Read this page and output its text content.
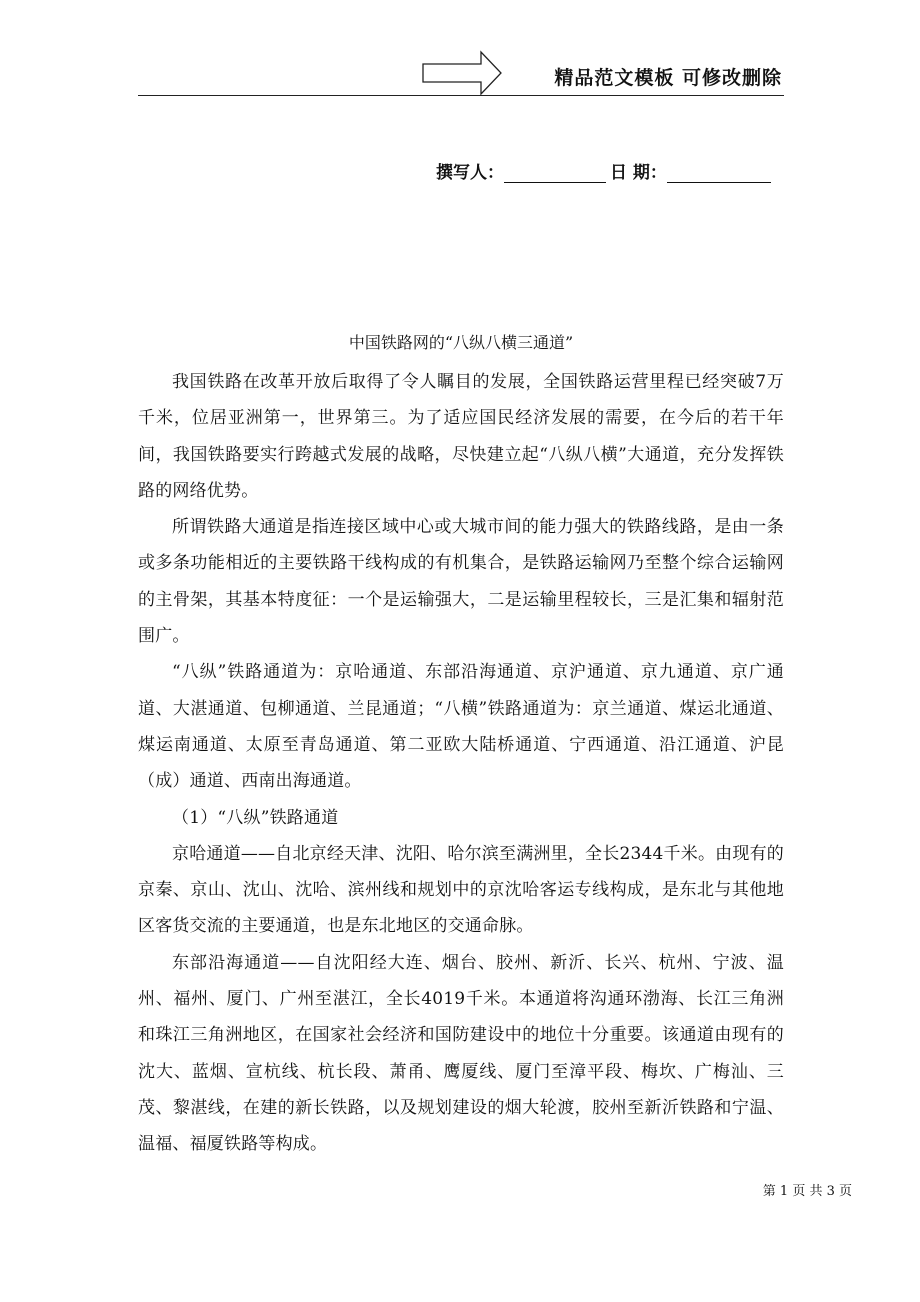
精品范文模板 可修改删除
撰写人：	日 期：
中国铁路网的“八纵八横三通道”

我国铁路在改革开放后取得了令人瞩目的发展，全国铁路运营里程已经突破7万千米，位居亚洲第一，世界第三。为了适应国民经济发展的需要，在今后的若干年间，我国铁路要实行跨越式发展的战略，尽快建立起“八纵八横”大通道，充分发挥铁路的网络优势。

所谓铁路大通道是指连接区域中心或大城市间的能力强大的铁路线路，是由一条或多条功能相近的主要铁路干线构成的有机集合，是铁路运输网乃至整个综合运输网的主骨架，其基本特度征：一个是运输强大，二是运输里程较长，三是汇集和辐射范围广。

“八纵”铁路通道为：京哈通道、东部沿海通道、京沪通道、京九通道、京广通道、大湛通道、包柳通道、兰昆通道；“八横”铁路通道为：京兰通道、煤运北通道、煤运南通道、太原至青岛通道、第二亚欧大陆桥通道、宁西通道、沿江通道、沪昆（成）通道、西南出海通道。

（1）“八纵”铁路通道

京哈通道——自北京经天津、沈阳、哈尔滨至满洲里，全长2344千米。由现有的京秦、京山、沈山、沈哈、滨州线和规划中的京沈哈客运专线构成，是东北与其他地区客货交流的主要通道，也是东北地区的交通命脉。

东部沿海通道——自沈阳经大连、烟台、胶州、新沂、长兴、杭州、宁波、温州、福州、厦门、广州至湛江，全长4019千米。本通道将沟通环渤海、长江三角洲和珠江三角洲地区，在国家社会经济和国防建设中的地位十分重要。该通道由现有的沈大、蓝烟、宣杭线、杭长段、萧甬、鹰厦线、厦门至漳平段、梅坎、广梅汕、三茂、黎湛线，在建的新长铁路，以及规划建设的烟大轮渡，胶州至新沂铁路和宁温、温福、福厦铁路等构成。

第 1 页 共 3 页
